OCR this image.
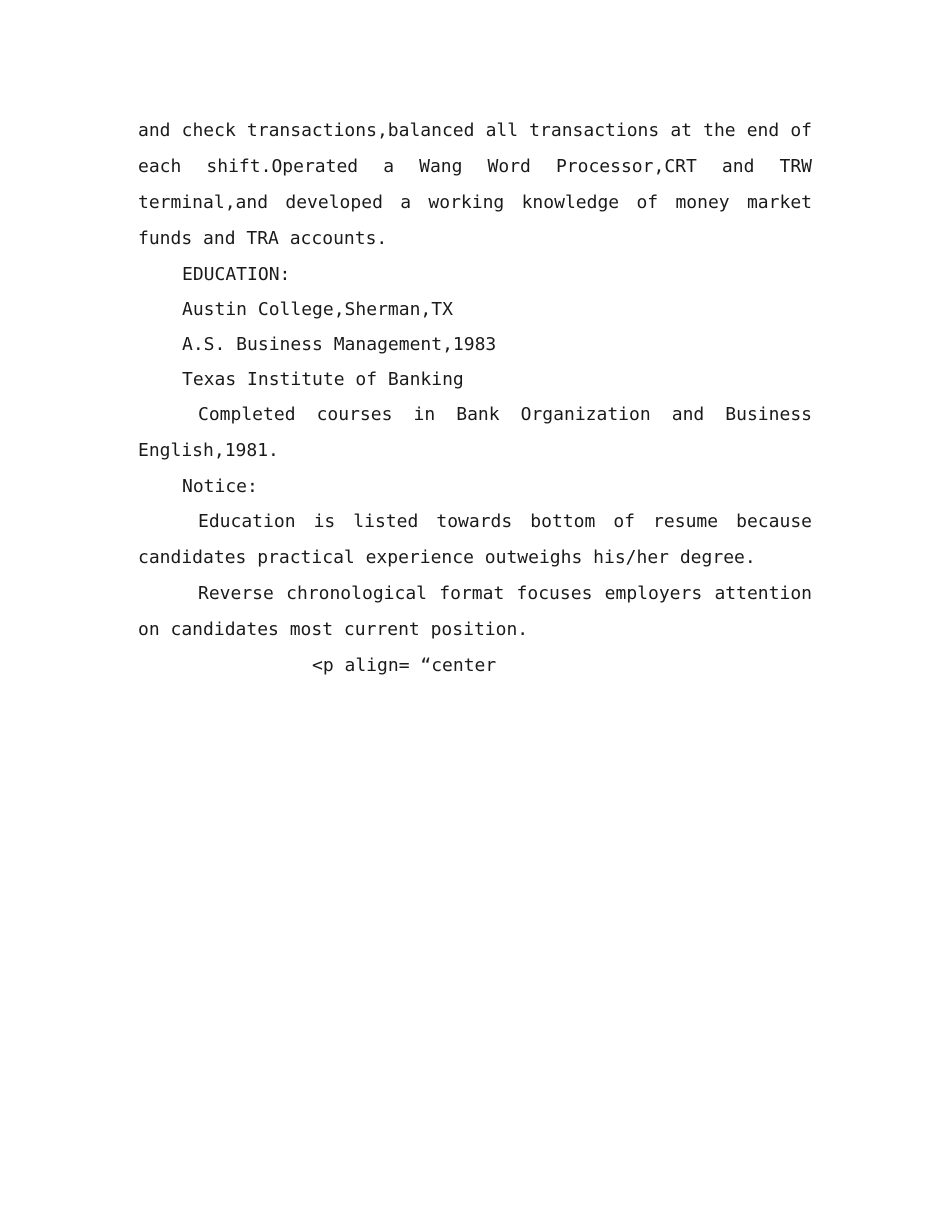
and check transactions,balanced all transactions at the end of each shift.Operated a Wang Word Processor,CRT and TRW terminal,and developed a working knowledge of money market funds and TRA accounts.

EDUCATION:

Austin College,Sherman,TX

A.S. Business Management,1983

Texas Institute of Banking

Completed courses in Bank Organization and Business English,1981.

Notice:

Education is listed towards bottom of resume because candidates practical experience outweighs his/her degree.

Reverse chronological format focuses employers attention on candidates most current position.

<p align= “center
